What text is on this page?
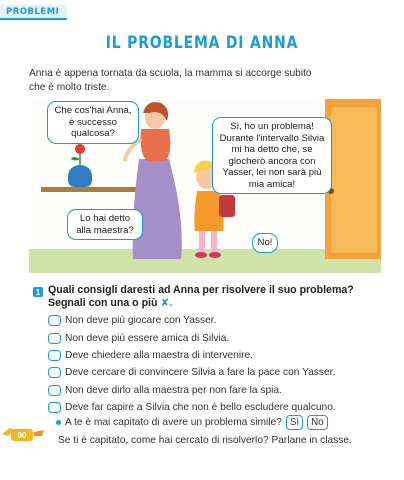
PROBLEMI
IL PROBLEMA DI ANNA
Anna è appena tornata da scuola, la mamma si accorge subito che è molto triste.
Che cos'hai Anna, è successo qualcosa?
Sì, ho un problema! Durante l'intervallo Silvia mi ha detto che, se giocherò ancora con Yasser, lei non sarà più mia amica!
Lo hai detto alla maestra?
No!
1 Quali consigli daresti ad Anna per risolvere il suo problema?
Segnali con una o più ✘.
Non deve più giocare con Yasser.
Non deve più essere amica di Silvia.
Deve chiedere alla maestra di intervenire.
Deve cercare di convincere Silvia a fare la pace con Yasser.
Non deve dirlo alla maestra per non fare la spia.
Deve far capire a Silvia che non è bello escludere qualcuno.
A te è mai capitato di avere un problema simile? Sì	No
Se ti è capitato, come hai cercato di risolverlo? Parlane in classe.
80
